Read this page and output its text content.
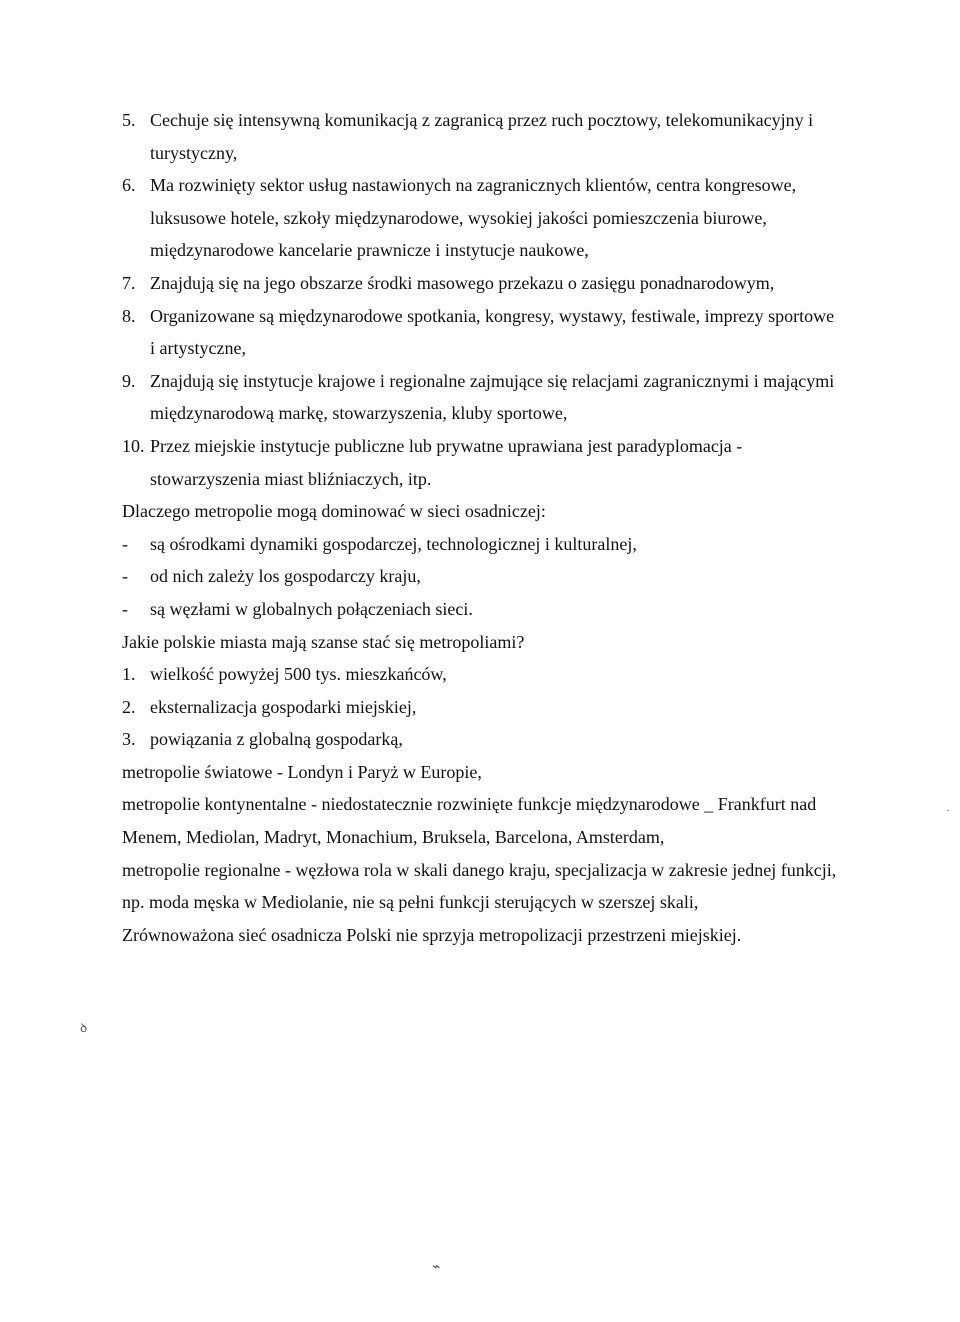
5. Cechuje się intensywną komunikacją z zagranicą przez ruch pocztowy, telekomunikacyjny i turystyczny,

6. Ma rozwinięty sektor usług nastawionych na zagranicznych klientów, centra kongresowe, luksusowe hotele, szkoły międzynarodowe, wysokiej jakości pomieszczenia biurowe, międzynarodowe kancelarie prawnicze i instytucje naukowe,

7. Znajdują się na jego obszarze środki masowego przekazu o zasięgu ponadnarodowym,

8. Organizowane są międzynarodowe spotkania, kongresy, wystawy, festiwale, imprezy sportowe i artystyczne,

9. Znajdują się instytucje krajowe i regionalne zajmujące się relacjami zagranicznymi i mającymi międzynarodową markę, stowarzyszenia, kluby sportowe,

10. Przez miejskie instytucje publiczne lub prywatne uprawiana jest paradyplomacja - stowarzyszenia miast bliźniaczych, itp.

Dlaczego metropolie mogą dominować w sieci osadniczej:

-	są ośrodkami dynamiki gospodarczej, technologicznej i kulturalnej,

-	od nich zależy los gospodarczy kraju,

-	są węzłami w globalnych połączeniach sieci.

Jakie polskie miasta mają szanse stać się metropoliami?

1. wielkość powyżej 500 tys. mieszkańców,

2. eksternalizacja gospodarki miejskiej,

3. powiązania z globalną gospodarką,

metropolie światowe - Londyn i Paryż w Europie,

metropolie kontynentalne - niedostatecznie rozwinięte funkcje międzynarodowe _ Frankfurt nad Menem, Mediolan, Madryt, Monachium, Bruksela, Barcelona, Amsterdam,

metropolie regionalne - węzłowa rola w skali danego kraju, specjalizacja w zakresie jednej funkcji, np. moda męska w Mediolanie, nie są pełni funkcji sterujących w szerszej skali,

Zrównoważona sieć osadnicza Polski nie sprzyja metropolizacji przestrzeni miejskiej.

ꝺ
⌁
·
